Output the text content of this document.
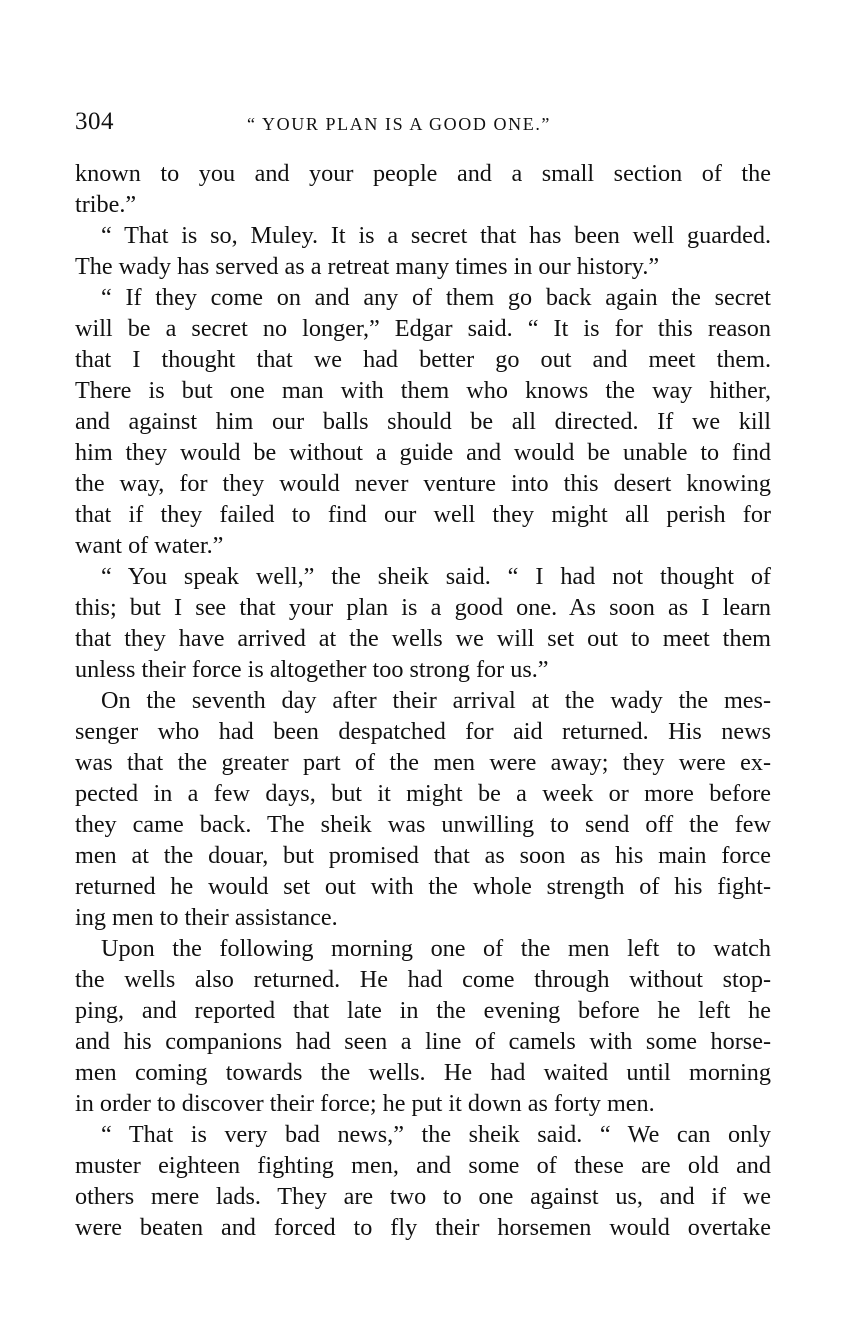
304	“ YOUR PLAN IS A GOOD ONE.”
known to you and your people and a small section of the
tribe.”
“ That is so, Muley. It is a secret that has been well guarded.
The wady has served as a retreat many times in our history.”
“ If they come on and any of them go back again the secret
will be a secret no longer,” Edgar said. “ It is for this reason
that I thought that we had better go out and meet them.
There is but one man with them who knows the way hither,
and against him our balls should be all directed. If we kill
him they would be without a guide and would be unable to find
the way, for they would never venture into this desert knowing
that if they failed to find our well they might all perish for
want of water.”
“ You speak well,” the sheik said. “ I had not thought of
this; but I see that your plan is a good one. As soon as I learn
that they have arrived at the wells we will set out to meet them
unless their force is altogether too strong for us.”
On the seventh day after their arrival at the wady the mes-
senger who had been despatched for aid returned. His news
was that the greater part of the men were away; they were ex-
pected in a few days, but it might be a week or more before
they came back. The sheik was unwilling to send off the few
men at the douar, but promised that as soon as his main force
returned he would set out with the whole strength of his fight-
ing men to their assistance.
Upon the following morning one of the men left to watch
the wells also returned. He had come through without stop-
ping, and reported that late in the evening before he left he
and his companions had seen a line of camels with some horse-
men coming towards the wells. He had waited until morning
in order to discover their force; he put it down as forty men.
“ That is very bad news,” the sheik said. “ We can only
muster eighteen fighting men, and some of these are old and
others mere lads. They are two to one against us, and if we
were beaten and forced to fly their horsemen would overtake
